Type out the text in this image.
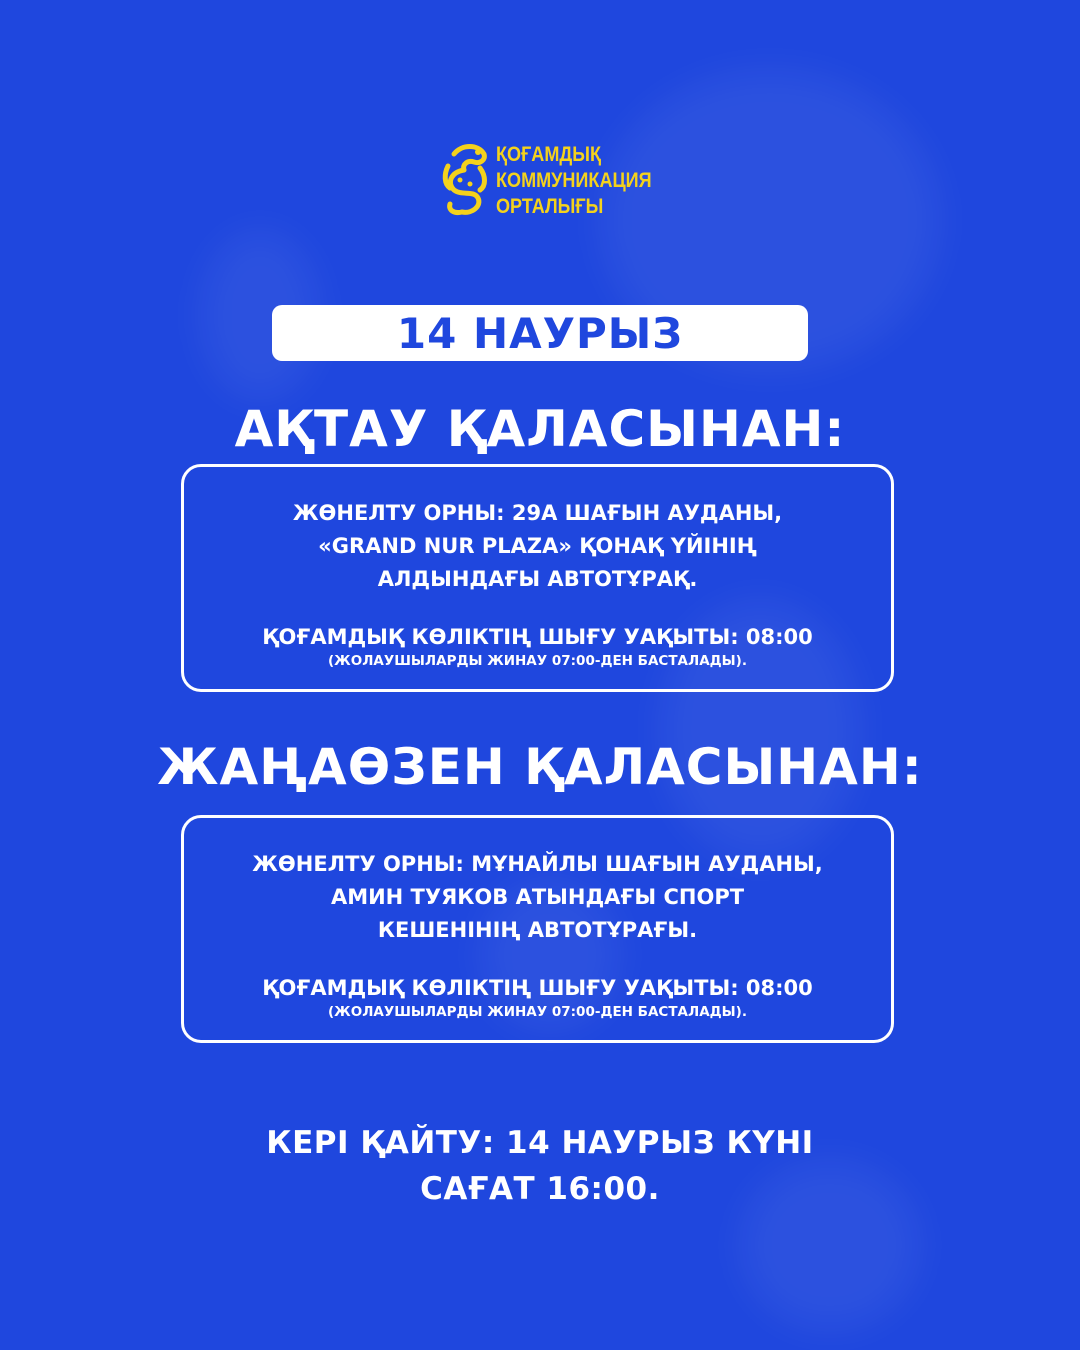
ҚОҒАМДЫҚ
КОММУНИКАЦИЯ
ОРТАЛЫҒЫ
14 НАУРЫЗ
АҚТАУ ҚАЛАСЫНАН:
ЖӨНЕЛТУ ОРНЫ: 29А ШАҒЫН АУДАНЫ,
«GRAND NUR PLAZA» ҚОНАҚ ҮЙІНІҢ
АЛДЫНДАҒЫ АВТОТҰРАҚ.
ҚОҒАМДЫҚ КӨЛІКТІҢ ШЫҒУ УАҚЫТЫ: 08:00
(ЖОЛАУШЫЛАРДЫ ЖИНАУ 07:00-ДЕН БАСТАЛАДЫ).
ЖАҢАӨЗЕН ҚАЛАСЫНАН:
ЖӨНЕЛТУ ОРНЫ: МҰНАЙЛЫ ШАҒЫН АУДАНЫ,
АМИН ТУЯКОВ АТЫНДАҒЫ СПОРТ
КЕШЕНІНІҢ АВТОТҰРАҒЫ.
ҚОҒАМДЫҚ КӨЛІКТІҢ ШЫҒУ УАҚЫТЫ: 08:00
(ЖОЛАУШЫЛАРДЫ ЖИНАУ 07:00-ДЕН БАСТАЛАДЫ).
КЕРІ ҚАЙТУ: 14 НАУРЫЗ КҮНІ
САҒАТ 16:00.
